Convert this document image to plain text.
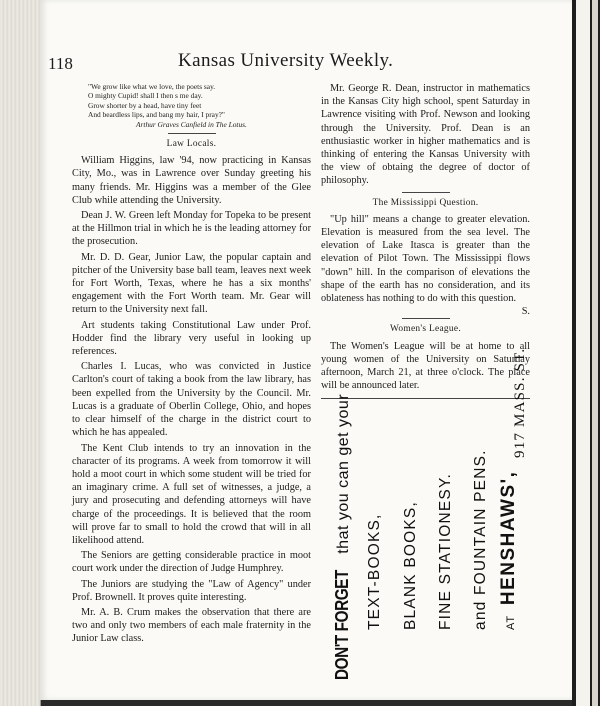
118	Kansas University Weekly.
"We grow like what we love, the poets say.
O mighty Cupid! shall I then s me day.
Grow shorter by a head, have tiny feet
And beardless lips, and bang my hair, I pray?"
Arthur Graves Canfield in The Lotus.
Law Locals.

William Higgins, law '94, now practicing in Kansas City, Mo., was in Lawrence over Sunday greeting his many friends. Mr. Higgins was a member of the Glee Club while attending the University.

Dean J. W. Green left Monday for Topeka to be present at the Hillmon trial in which he is the leading attorney for the prosecution.

Mr. D. D. Gear, Junior Law, the popular captain and pitcher of the University base ball team, leaves next week for Fort Worth, Texas, where he has a six months' engagement with the Fort Worth team. Mr. Gear will return to the University next fall.

Art students taking Constitutional Law under Prof. Hodder find the library very useful in looking up references.

Charles I. Lucas, who was convicted in Justice Carlton's court of taking a book from the law library, has been expelled from the University by the Council. Mr. Lucas is a graduate of Oberlin College, Ohio, and hopes to clear himself of the charge in the district court to which he has appealed.

The Kent Club intends to try an innovation in the character of its programs. A week from tomorrow it will hold a moot court in which some student will be tried for an imaginary crime. A full set of witnesses, a judge, a jury and prosecuting and defending attorneys will have charge of the proceedings. It is believed that the room will prove far to small to hold the crowd that will in all likelihood attend.

The Seniors are getting considerable practice in moot court work under the direction of Judge Humphrey.

The Juniors are studying the "Law of Agency" under Prof. Brownell. It proves quite interesting.

Mr. A. B. Crum makes the observation that there are two and only two members of each male fraternity in the Junior Law class.

Mr. George R. Dean, instructor in mathematics in the Kansas City high school, spent Saturday in Lawrence visiting with Prof. Newson and looking through the University. Prof. Dean is an enthusiastic worker in higher mathematics and is thinking of entering the Kansas University with the view of obtaing the degree of doctor of philosophy.

The Mississippi Question.

"Up hill" means a change to greater elevation. Elevation is measured from the sea level. The elevation of Lake Itasca is greater than the elevation of Pilot Town. The Mississippi flows "down" hill. In the comparison of elevations the shape of the earth has no consideration, and its oblateness has nothing to do with this question.
S.

Women's League.

The Women's League will be at home to all young women of the University on Saturday afternoon, March 21, at three o'clock. The place will be announced later.

DON'T FORGET that you can get your
TEXT-BOOKS, BLANK BOOKS, FINE STATIONESY. and FOUNTAIN PENS.	ATHENSHAWS',
917 MASS. ST.
